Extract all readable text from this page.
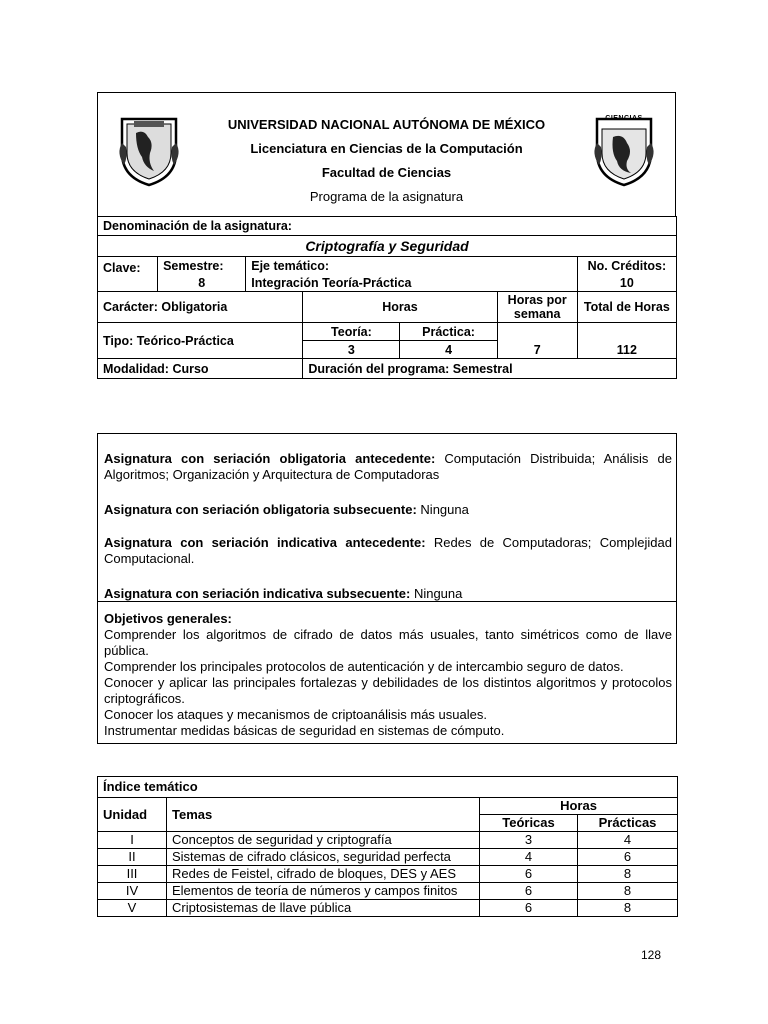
CIENCIAS
UNIVERSIDAD NACIONAL AUTÓNOMA DE MÉXICO
Licenciatura en Ciencias de la Computación
Facultad de Ciencias
Programa de la asignatura
Denominación de la asignatura:						
Criptografía y Seguridad						
Clave:	Semestre:	Eje temático:				No. Créditos:
	8	Integración Teoría-Práctica				10
Carácter: Obligatoria			Horas		Horas por semana	Total de Horas
Tipo: Teórico-Práctica			Teoría:	Práctica:	7	112
			3	4		
Modalidad: Curso			Duración del programa: Semestral			
Asignatura con seriación obligatoria antecedente: Computación Distribuida; Análisis de Algoritmos; Organización y Arquitectura de Computadoras
Asignatura con seriación obligatoria subsecuente: Ninguna
Asignatura con seriación indicativa antecedente: Redes de Computadoras; Complejidad Computacional.
Asignatura con seriación indicativa subsecuente: Ninguna
Objetivos generales:
Comprender los algoritmos de cifrado de datos más usuales, tanto simétricos como de llave pública.
Comprender los principales protocolos de autenticación y de intercambio seguro de datos.
Conocer y aplicar las principales fortalezas y debilidades de los distintos algoritmos y protocolos criptográficos.
Conocer los ataques y mecanismos de criptoanálisis más usuales.
Instrumentar medidas básicas de seguridad en sistemas de cómputo.
Índice temático			
Unidad	Temas	Horas	
		Teóricas	Prácticas
I	Conceptos de seguridad y criptografía	3	4
II	Sistemas de cifrado clásicos, seguridad perfecta	4	6
III	Redes de Feistel, cifrado de bloques, DES y AES	6	8
IV	Elementos de teoría de números y campos finitos	6	8
V	Criptosistemas de llave pública	6	8
128
